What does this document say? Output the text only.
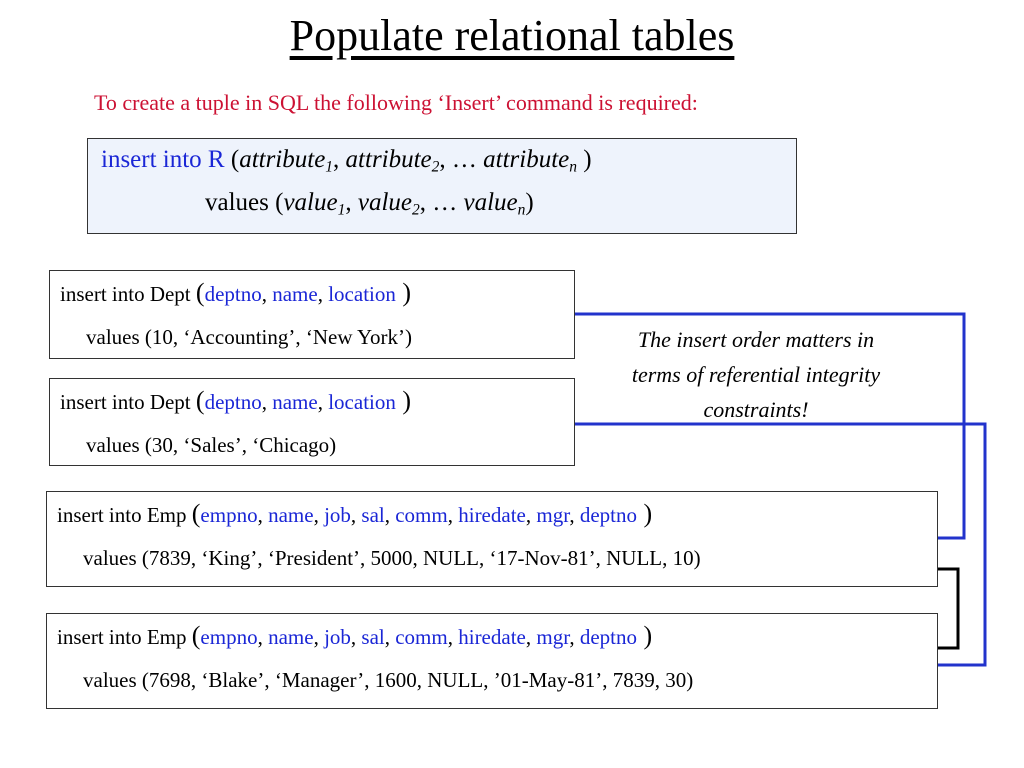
Populate relational tables
To create a tuple in SQL the following ‘Insert’ command is required:
insert into R (attribute$_1$, attribute$_2$, … attribute$_n$ )
values (value$_1$, value$_2$, … value$_n$)
insert into Dept (deptno, name, location )
values (10, ‘Accounting’, ‘New York’)
insert into Dept (deptno, name, location )
values (30, ‘Sales’, ‘Chicago)
insert into Emp (empno, name, job, sal, comm, hiredate, mgr, deptno )
values (7839, ‘King’, ‘President’, 5000, NULL, ‘17-Nov-81’, NULL, 10)
insert into Emp (empno, name, job, sal, comm, hiredate, mgr, deptno )
values (7698, ‘Blake’, ‘Manager’, 1600, NULL, ’01-May-81’, 7839, 30)
The insert order matters in
terms of referential integrity
constraints!
